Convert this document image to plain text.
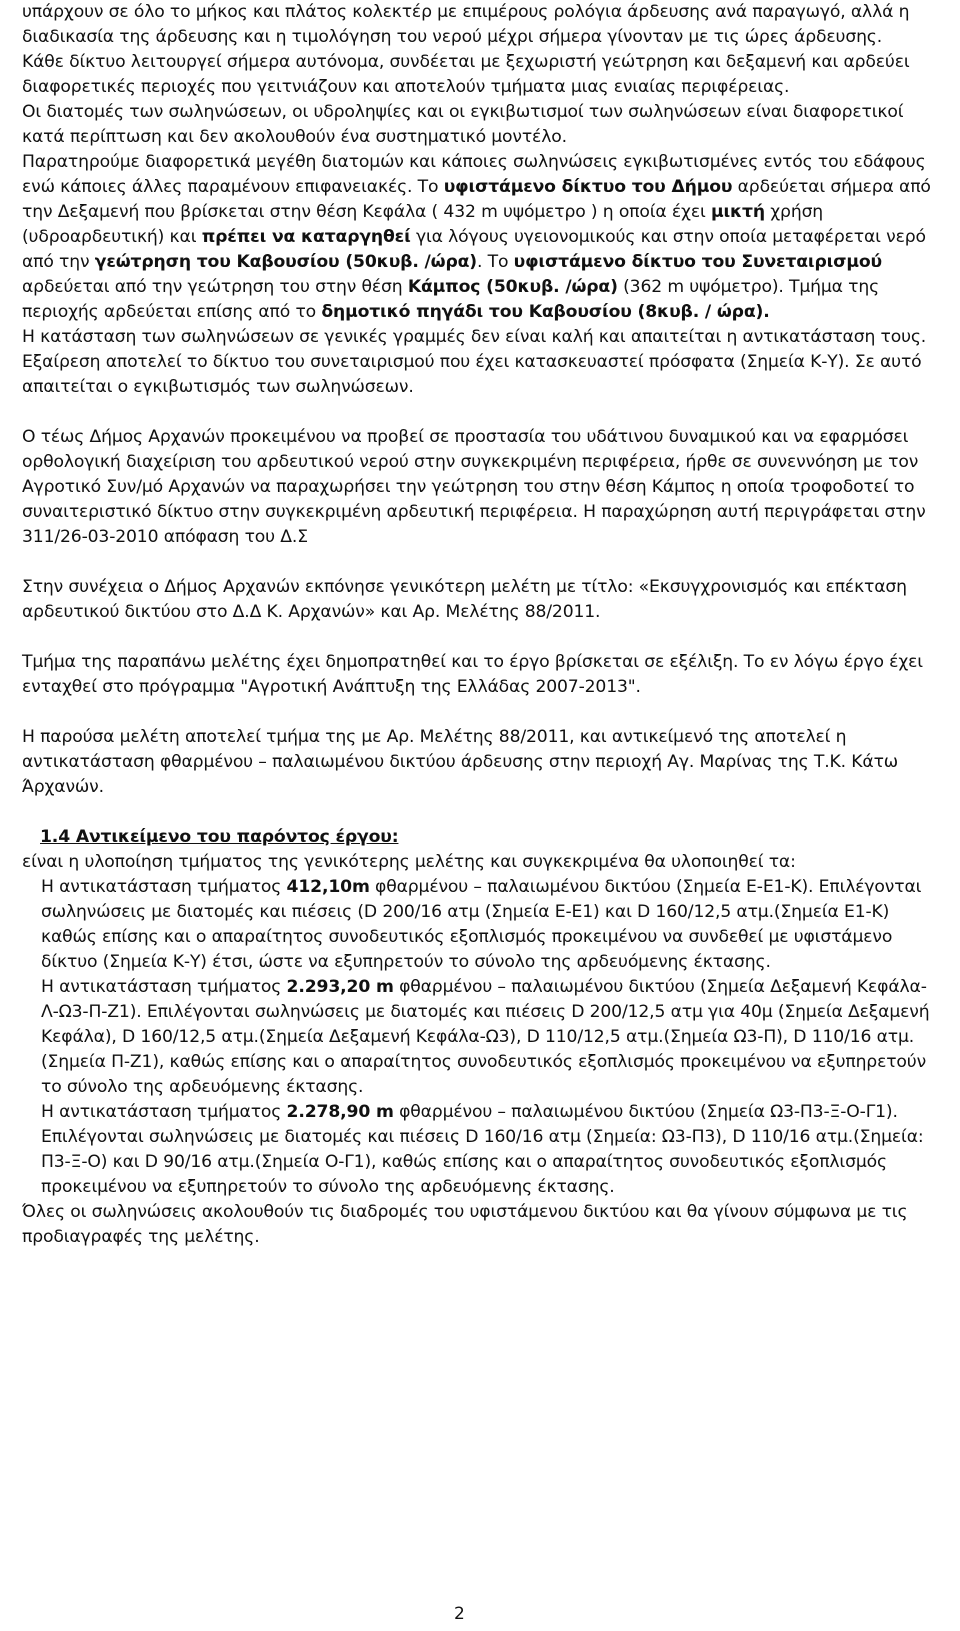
υπάρχουν σε όλο το μήκος και πλάτος κολεκτέρ με επιμέρους ρολόγια άρδευσης ανά παραγωγό, αλλά η διαδικασία της άρδευσης και η τιμολόγηση του νερού μέχρι σήμερα γίνονταν με τις ώρες άρδευσης.

Κάθε δίκτυο λειτουργεί σήμερα αυτόνομα, συνδέεται με ξεχωριστή γεώτρηση και δεξαμενή και αρδεύει διαφορετικές περιοχές που γειτνιάζουν και αποτελούν τμήματα μιας ενιαίας περιφέρειας.

Οι διατομές των σωληνώσεων, οι υδροληψίες και οι εγκιβωτισμοί των σωληνώσεων είναι διαφορετικοί κατά περίπτωση και δεν ακολουθούν ένα συστηματικό μοντέλο.

Παρατηρούμε διαφορετικά μεγέθη διατομών και κάποιες σωληνώσεις εγκιβωτισμένες εντός του εδάφους ενώ κάποιες άλλες παραμένουν επιφανειακές. Το υφιστάμενο δίκτυο του Δήμου αρδεύεται σήμερα από την Δεξαμενή που βρίσκεται στην θέση Κεφάλα ( 432 m υψόμετρο ) η οποία έχει μικτή χρήση (υδροαρδευτική) και πρέπει να καταργηθεί για λόγους υγειονομικούς και στην οποία μεταφέρεται νερό από την γεώτρηση του Καβουσίου (50κυβ. /ώρα). Το υφιστάμενο δίκτυο του Συνεταιρισμού αρδεύεται από την γεώτρηση του στην θέση Κάμπος (50κυβ. /ώρα) (362 m υψόμετρο). Τμήμα της περιοχής αρδεύεται επίσης από το δημοτικό πηγάδι του Καβουσίου (8κυβ. / ώρα).

Η κατάσταση των σωληνώσεων σε γενικές γραμμές δεν είναι καλή και απαιτείται η αντικατάσταση τους. Εξαίρεση αποτελεί το δίκτυο του συνεταιρισμού που έχει κατασκευαστεί πρόσφατα (Σημεία Κ-Υ). Σε αυτό απαιτείται ο εγκιβωτισμός των σωληνώσεων.

Ο τέως Δήμος Αρχανών προκειμένου να προβεί σε προστασία του υδάτινου δυναμικού και να εφαρμόσει ορθολογική διαχείριση του αρδευτικού νερού στην συγκεκριμένη περιφέρεια, ήρθε σε συνεννόηση με τον Αγροτικό Συν/μό Αρχανών να παραχωρήσει την γεώτρηση του στην θέση Κάμπος η οποία τροφοδοτεί το συναιτεριστικό δίκτυο στην συγκεκριμένη αρδευτική περιφέρεια. Η παραχώρηση αυτή περιγράφεται στην 311/26-03-2010 απόφαση του Δ.Σ

Στην συνέχεια ο Δήμος Αρχανών εκπόνησε γενικότερη μελέτη με τίτλο: «Εκσυγχρονισμός και επέκταση αρδευτικού δικτύου στο Δ.Δ Κ. Αρχανών» και Αρ. Μελέτης 88/2011.

Τμήμα της παραπάνω μελέτης έχει δημοπρατηθεί και το έργο βρίσκεται σε εξέλιξη. Το εν λόγω έργο έχει ενταχθεί στο πρόγραμμα "Αγροτική Ανάπτυξη της Ελλάδας 2007-2013".

Η παρούσα μελέτη αποτελεί τμήμα της με Αρ. Μελέτης 88/2011, και αντικείμενό της αποτελεί η αντικατάσταση φθαρμένου – παλαιωμένου δικτύου άρδευσης στην περιοχή Αγ. Μαρίνας της Τ.Κ. Κάτω Άρχανών.

1.4 Αντικείμενο του παρόντος έργου:

είναι η υλοποίηση τμήματος της γενικότερης μελέτης και συγκεκριμένα θα υλοποιηθεί τα:

Η αντικατάσταση τμήματος 412,10m φθαρμένου – παλαιωμένου δικτύου (Σημεία Ε-Ε1-Κ). Επιλέγονται σωληνώσεις με διατομές και πιέσεις (D 200/16 ατμ (Σημεία Ε-Ε1) και D 160/12,5 ατμ.(Σημεία Ε1-Κ) καθώς επίσης και ο απαραίτητος συνοδευτικός εξοπλισμός προκειμένου να συνδεθεί με υφιστάμενο δίκτυο (Σημεία Κ-Υ) έτσι, ώστε να εξυπηρετούν το σύνολο της αρδευόμενης έκτασης.

Η αντικατάσταση τμήματος 2.293,20 m φθαρμένου – παλαιωμένου δικτύου (Σημεία Δεξαμενή Κεφάλα-Λ-Ω3-Π-Ζ1). Επιλέγονται σωληνώσεις με διατομές και πιέσεις D 200/12,5 ατμ για 40μ (Σημεία Δεξαμενή Κεφάλα), D 160/12,5 ατμ.(Σημεία Δεξαμενή Κεφάλα-Ω3), D 110/12,5 ατμ.(Σημεία Ω3-Π), D 110/16 ατμ.(Σημεία Π-Ζ1), καθώς επίσης και ο απαραίτητος συνοδευτικός εξοπλισμός προκειμένου να εξυπηρετούν το σύνολο της αρδευόμενης έκτασης.

Η αντικατάσταση τμήματος 2.278,90 m φθαρμένου – παλαιωμένου δικτύου (Σημεία Ω3-Π3-Ξ-Ο-Γ1). Επιλέγονται σωληνώσεις με διατομές και πιέσεις D 160/16 ατμ (Σημεία: Ω3-Π3), D 110/16 ατμ.(Σημεία: Π3-Ξ-Ο) και D 90/16 ατμ.(Σημεία Ο-Γ1), καθώς επίσης και ο απαραίτητος συνοδευτικός εξοπλισμός προκειμένου να εξυπηρετούν το σύνολο της αρδευόμενης έκτασης.

Όλες οι σωληνώσεις ακολουθούν τις διαδρομές του υφιστάμενου δικτύου και θα γίνουν σύμφωνα με τις προδιαγραφές της μελέτης.

2
